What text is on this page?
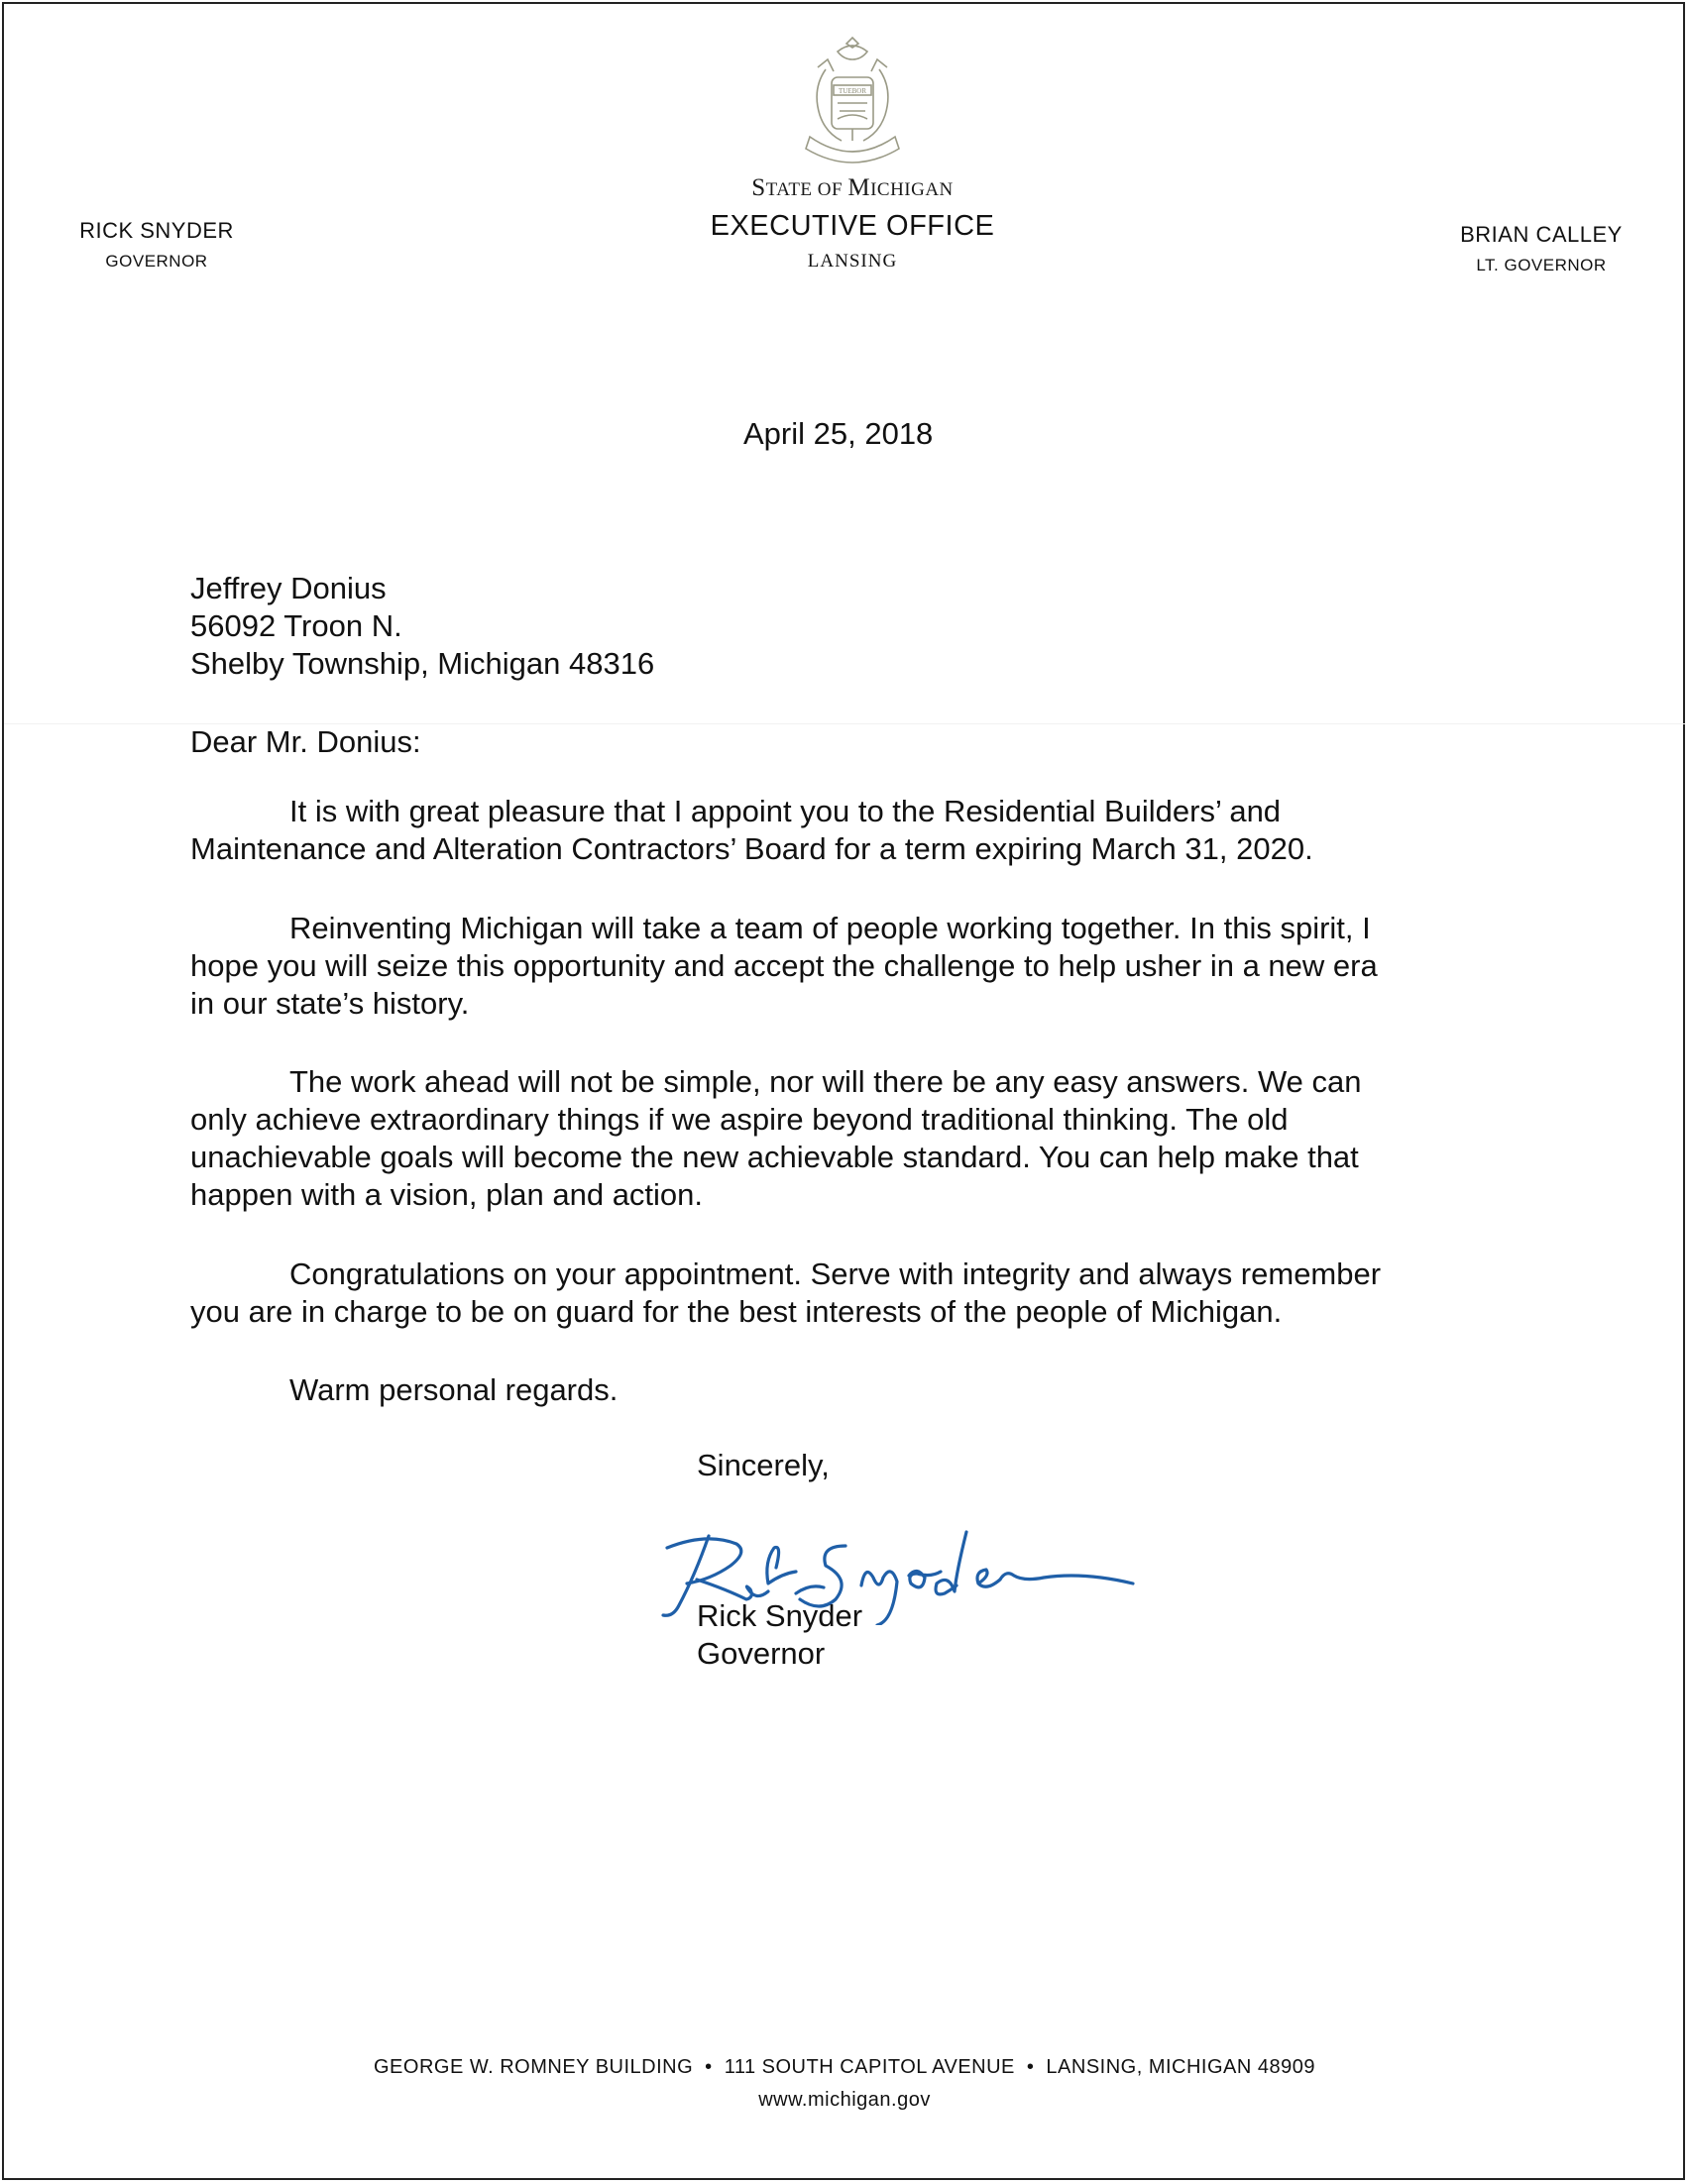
TUEBOR
STATE OF MICHIGAN
EXECUTIVE OFFICE
LANSING
RICK SNYDER
GOVERNOR
BRIAN CALLEY
LT. GOVERNOR
April 25, 2018
Jeffrey Donius
56092 Troon N.
Shelby Township, Michigan 48316
Dear Mr. Donius:
It is with great pleasure that I appoint you to the Residential Builders’ and
Maintenance and Alteration Contractors’ Board for a term expiring March 31, 2020.
Reinventing Michigan will take a team of people working together. In this spirit, I
hope you will seize this opportunity and accept the challenge to help usher in a new era
in our state’s history.
The work ahead will not be simple, nor will there be any easy answers. We can
only achieve extraordinary things if we aspire beyond traditional thinking. The old
unachievable goals will become the new achievable standard. You can help make that
happen with a vision, plan and action.
Congratulations on your appointment. Serve with integrity and always remember
you are in charge to be on guard for the best interests of the people of Michigan.
Warm personal regards.
Sincerely,
Rick Snyder
Governor
GEORGE W. ROMNEY BUILDING • 111 SOUTH CAPITOL AVENUE • LANSING, MICHIGAN 48909
www.michigan.gov
